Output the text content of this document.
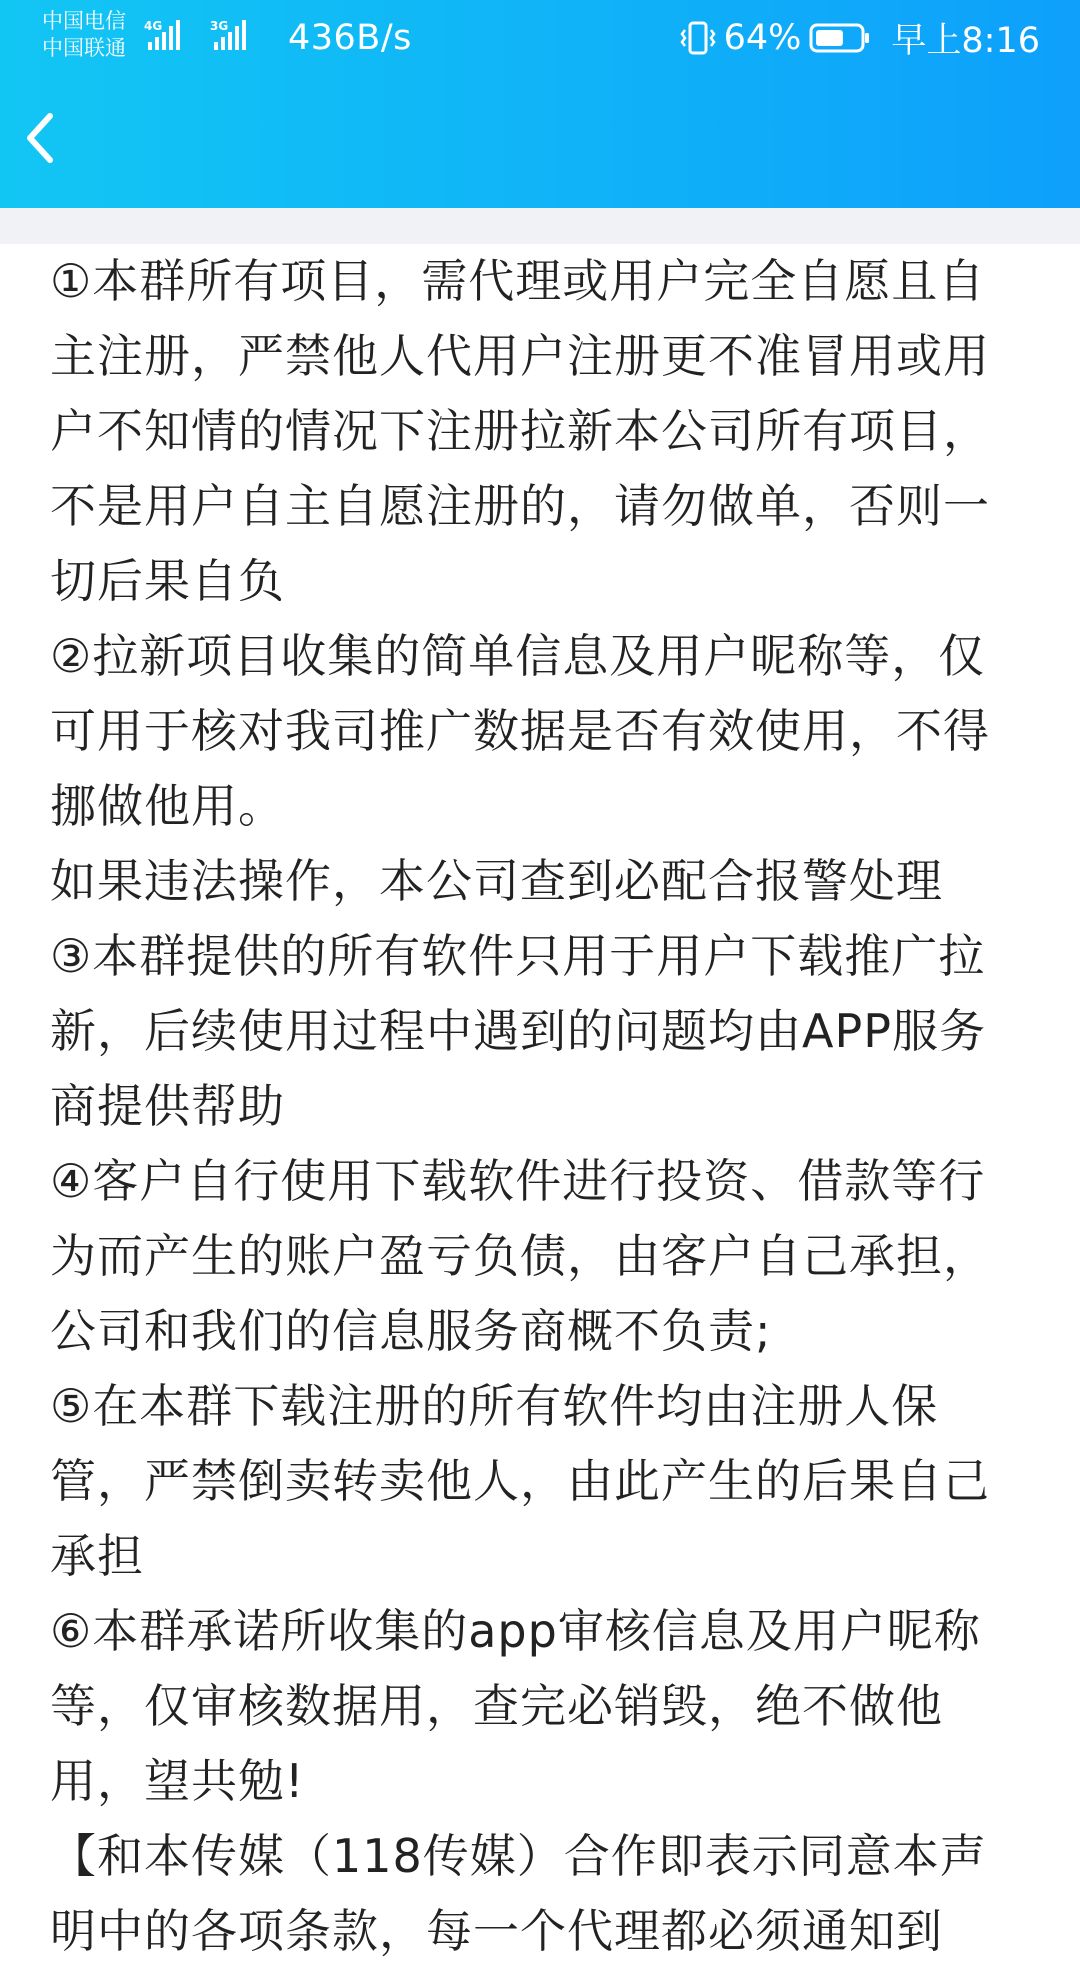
中国电信
中国联通
4G	3G 436B/s	64%	早上8:16

①本群所有项目，需代理或用户完全自愿且自主注册，严禁他人代用户注册更不准冒用或用户不知情的情况下注册拉新本公司所有项目，不是用户自主自愿注册的，请勿做单，否则一切后果自负

②拉新项目收集的简单信息及用户昵称等，仅可用于核对我司推广数据是否有效使用，不得挪做他用。

如果违法操作，本公司查到必配合报警处理

③本群提供的所有软件只用于用户下载推广拉新，后续使用过程中遇到的问题均由APP服务商提供帮助

④客户自行使用下载软件进行投资、借款等行为而产生的账户盈亏负债，由客户自己承担，公司和我们的信息服务商概不负责;

⑤在本群下载注册的所有软件均由注册人保管，严禁倒卖转卖他人，由此产生的后果自己承担

⑥本群承诺所收集的app审核信息及用户昵称等，仅审核数据用，查完必销毁，绝不做他用，望共勉!

【和本传媒（118传媒）合作即表示同意本声明中的各项条款，每一个代理都必须通知到
